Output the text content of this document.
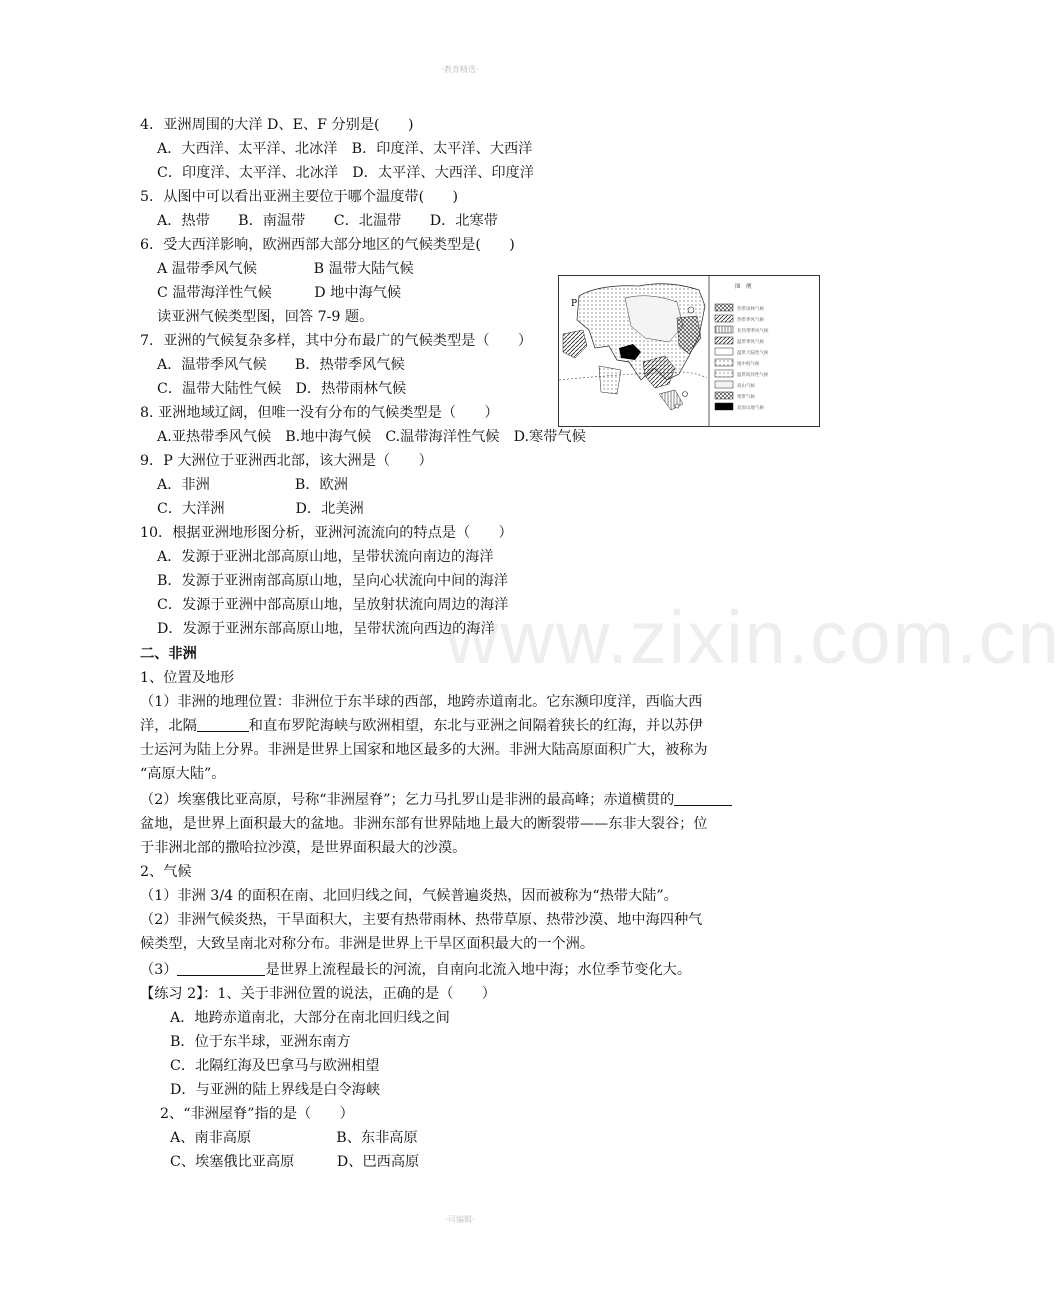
·教育精选·
www.zixin.com.cn
4．亚洲周围的大洋 D、E、F 分别是(　　)
A．大西洋、太平洋、北冰洋　B．印度洋、太平洋、大西洋
C．印度洋、太平洋、北冰洋　D．太平洋、大西洋、印度洋
5．从图中可以看出亚洲主要位于哪个温度带(　　)
A．热带　　B．南温带　　C．北温带　　D．北寒带
6．受大西洋影响，欧洲西部大部分地区的气候类型是(　　)
A 温带季风气候　　　　B 温带大陆气候
C 温带海洋性气候　　　D 地中海气候
读亚洲气候类型图，回答 7-9 题。
7．亚洲的气候复杂多样，其中分布最广的气候类型是（　　）
A．温带季风气候　　B．热带季风气候
C．温带大陆性气候　D．热带雨林气候
8. 亚洲地域辽阔，但唯一没有分布的气候类型是（　　）
A.亚热带季风气候　B.地中海气候　C.温带海洋性气候　D.寒带气候
9．P 大洲位于亚洲西北部，该大洲是（　　）
A．非洲　　　　　　B．欧洲
C．大洋洲　　　　　D．北美洲
10．根据亚洲地形图分析，亚洲河流流向的特点是（　　）
A．发源于亚洲北部高原山地，呈带状流向南边的海洋
B．发源于亚洲南部高原山地，呈向心状流向中间的海洋
C．发源于亚洲中部高原山地，呈放射状流向周边的海洋
D．发源于亚洲东部高原山地，呈带状流向西边的海洋
二、非洲
1、位置及地形
（1）非洲的地理位置：非洲位于东半球的西部，地跨赤道南北。它东濒印度洋，西临大西
洋，北隔	和直布罗陀海峡与欧洲相望，东北与亚洲之间隔着狭长的红海，并以苏伊
士运河为陆上分界。非洲是世界上国家和地区最多的大洲。非洲大陆高原面积广大，被称为
“高原大陆”。
（2）埃塞俄比亚高原，号称“非洲屋脊”；乞力马扎罗山是非洲的最高峰；赤道横贯的
盆地，是世界上面积最大的盆地。非洲东部有世界陆地上最大的断裂带——东非大裂谷；位
于非洲北部的撒哈拉沙漠，是世界面积最大的沙漠。
2、气候
（1）非洲 3/4 的面积在南、北回归线之间，气候普遍炎热，因而被称为“热带大陆”。
（2）非洲气候炎热，干旱面积大，主要有热带雨林、热带草原、热带沙漠、地中海四种气
候类型，大致呈南北对称分布。非洲是世界上干旱区面积最大的一个洲。
（3）	是世界上流程最长的河流，自南向北流入地中海；水位季节变化大。
【练习 2】：1、关于非洲位置的说法，正确的是（　　）
A．地跨赤道南北，大部分在南北回归线之间
B．位于东半球，亚洲东南方
C．北隔红海及巴拿马与欧洲相望
D．与亚洲的陆上界线是白令海峡
2、“非洲屋脊”指的是（　　）
A、南非高原　　　　　　B、东非高原
C、埃塞俄比亚高原　　　D、巴西高原
P
图　例
热带雨林气候
热带季风气候
亚热带季风气候
温带季风气候
温带大陆性气候
地中海气候
温带海洋性气候
高山气候
寒带气候
高原山地气候
·可编辑·
